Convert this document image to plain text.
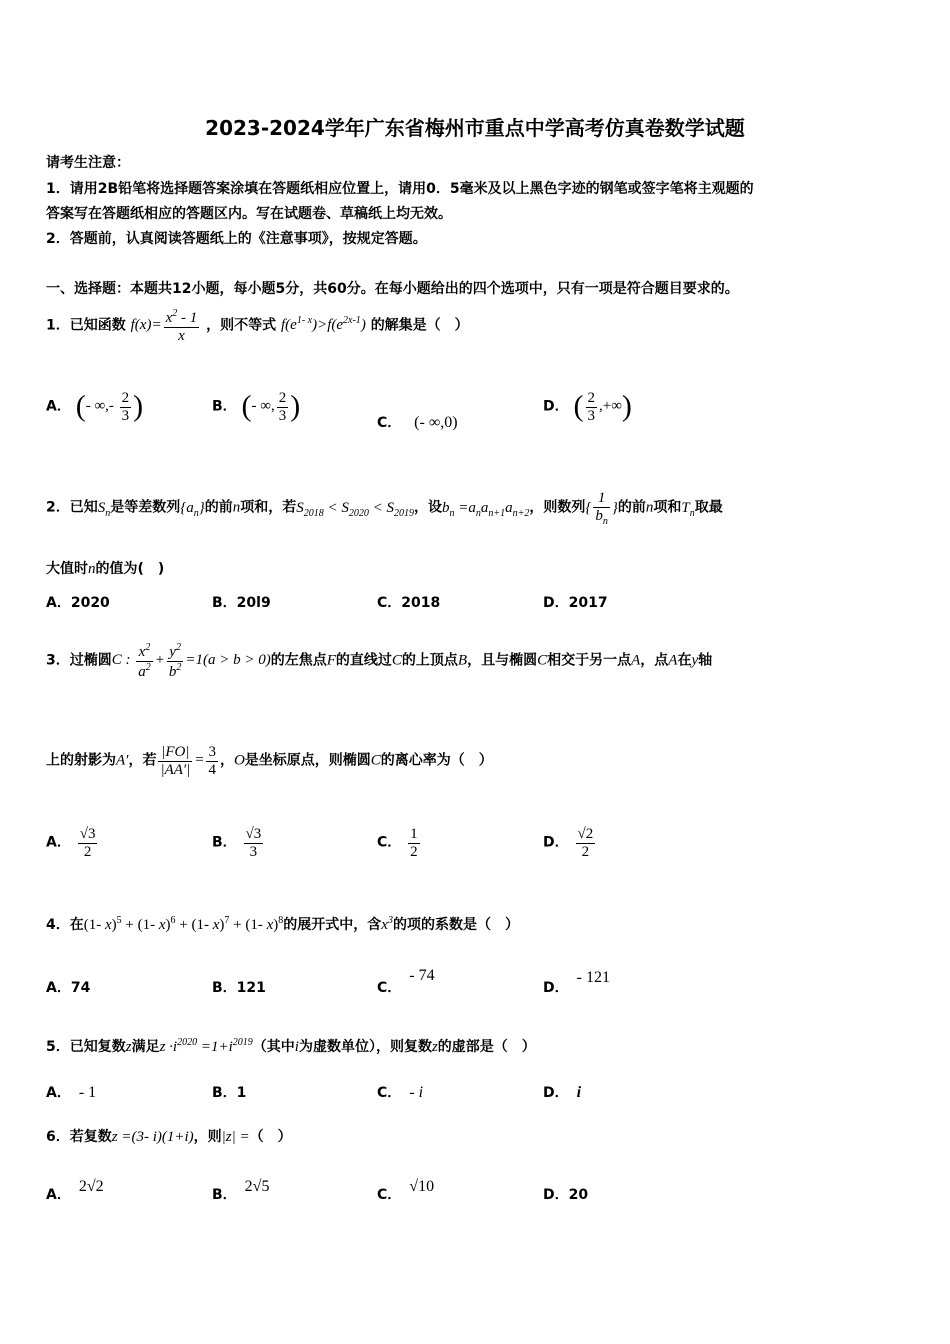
2023-2024学年广东省梅州市重点中学高考仿真卷数学试题
请考生注意：
1．请用2B铅笔将选择题答案涂填在答题纸相应位置上，请用0．5毫米及以上黑色字迹的钢笔或签字笔将主观题的
答案写在答题纸相应的答题区内。写在试题卷、草稿纸上均无效。
2．答题前，认真阅读答题纸上的《注意事项》，按规定答题。
一、选择题：本题共12小题，每小题5分，共60分。在每小题给出的四个选项中，只有一项是符合题目要求的。
1．已知函数 $f(x)= \frac{x^2 - 1}{x}$ ，则不等式 $f(e^{1- x})>f(e^{2x-1})$ 的解集是（　）
A． (- ∞,- $\frac{2}{3}$ )	B． (- ∞, $\frac{2}{3}$ )	C． (- ∞,0)
D． ( $\frac{2}{3}$ ,+∞)
2．已知$S_n$是等差数列$\{a_n\}$的前n项和，若$S_{2018} < S_{2020} < S_{2019}$，设$b_n =a_na_{n+1}a_{n+2}$，则数列{ $\frac{1}{b_n}$ }的前n项和$T_n$取最
大值时n的值为(　)
A．2020	B．20l9	C．2018	D．2017
3．过椭圆C : $\frac{x^2}{a^2} + \frac{y^2}{b^2} =1(a > b > 0)$的左焦点F的直线过C的上顶点B，且与椭圆C相交于另一点A，点A在y轴
上的射影为A′，若 $\frac{|FO|}{|AA'|} = \frac{3}{4}$ ，O是坐标原点，则椭圆C的离心率为（　）
A． $\frac{√3}{2}$	B． $\frac{√3}{3}$	C． $\frac{1}{2}$	D． $\frac{√2}{2}$
4．在(1- x)$^5$ + (1- x)$^6$ + (1- x)$^7$ + (1- x)$^8$的展开式中，含$x^3$的项的系数是（　）
A．74	B．121	C．- 74
D．- 121
5．已知复数z满足$z \cdot i^{2020} =1+i^{2019}$（其中i为虚数单位），则复数z的虚部是（　）
A． - 1	B．1	C． - i	D． i
6．若复数z =(3- i)(1+i)，则|z| =（　）
A． 2√2	B． 2√5	C． √10	D．20
